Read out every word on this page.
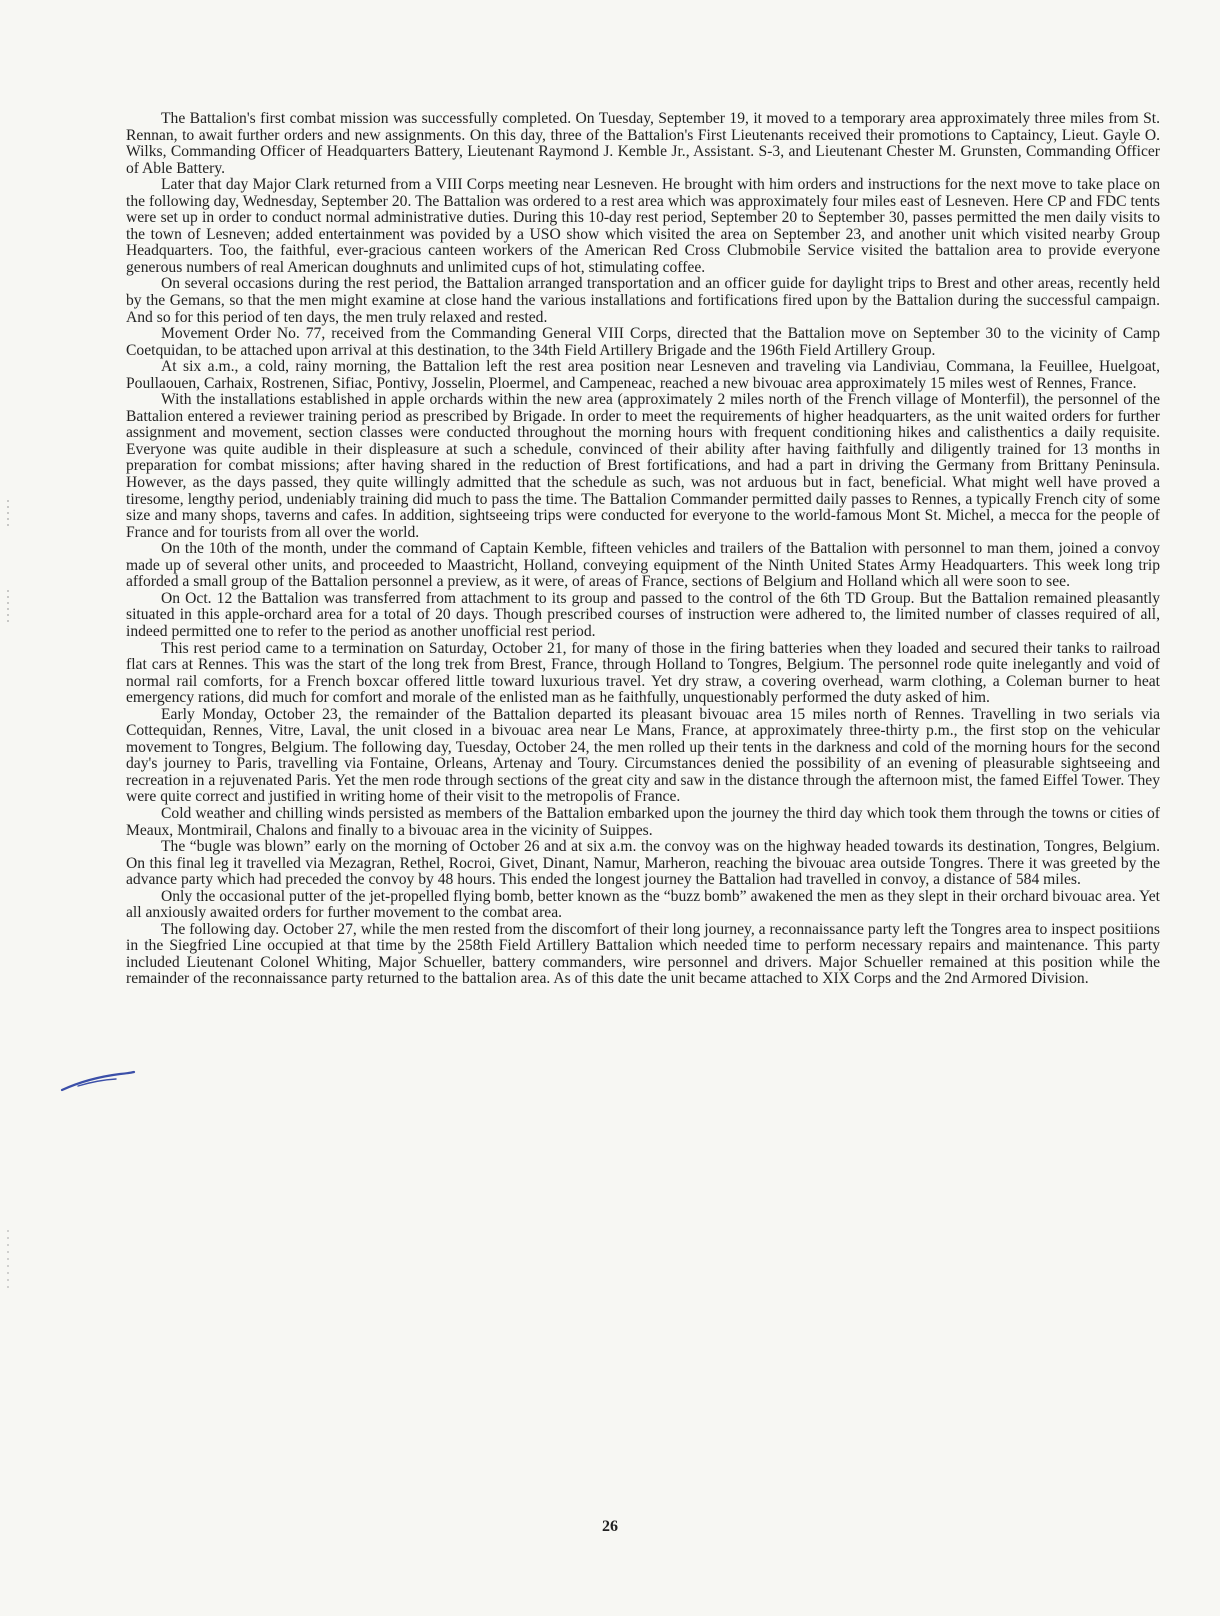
The Battalion's first combat mission was successfully completed. On Tuesday, September 19, it moved to a temporary area approximately three miles from St. Rennan, to await further orders and new assignments. On this day, three of the Battalion's First Lieutenants received their promotions to Captaincy, Lieut. Gayle O. Wilks, Commanding Officer of Headquarters Battery, Lieutenant Raymond J. Kemble Jr., Assistant. S-3, and Lieutenant Chester M. Grunsten, Commanding Officer of Able Battery.

Later that day Major Clark returned from a VIII Corps meeting near Lesneven. He brought with him orders and instructions for the next move to take place on the following day, Wednesday, September 20. The Battalion was ordered to a rest area which was approximately four miles east of Lesneven. Here CP and FDC tents were set up in order to conduct normal administrative duties. During this 10-day rest period, September 20 to September 30, passes permitted the men daily visits to the town of Lesneven; added entertainment was povided by a USO show which visited the area on September 23, and another unit which visited nearby Group Headquarters. Too, the faithful, ever-gracious canteen workers of the American Red Cross Clubmobile Service visited the battalion area to provide everyone generous numbers of real American doughnuts and unlimited cups of hot, stimulating coffee.

On several occasions during the rest period, the Battalion arranged transportation and an officer guide for daylight trips to Brest and other areas, recently held by the Gemans, so that the men might examine at close hand the various installations and fortifications fired upon by the Battalion during the successful campaign. And so for this period of ten days, the men truly relaxed and rested.

Movement Order No. 77, received from the Commanding General VIII Corps, directed that the Battalion move on September 30 to the vicinity of Camp Coetquidan, to be attached upon arrival at this destination, to the 34th Field Artillery Brigade and the 196th Field Artillery Group.

At six a.m., a cold, rainy morning, the Battalion left the rest area position near Lesneven and traveling via Landiviau, Commana, la Feuillee, Huelgoat, Poullaouen, Carhaix, Rostrenen, Sifiac, Pontivy, Josselin, Ploermel, and Campeneac, reached a new bivouac area approximately 15 miles west of Rennes, France.

With the installations established in apple orchards within the new area (approximately 2 miles north of the French village of Monterfil), the personnel of the Battalion entered a reviewer training period as prescribed by Brigade. In order to meet the requirements of higher headquarters, as the unit waited orders for further assignment and movement, section classes were conducted throughout the morning hours with frequent conditioning hikes and calisthentics a daily requisite. Everyone was quite audible in their displeasure at such a schedule, convinced of their ability after having faithfully and diligently trained for 13 months in preparation for combat missions; after having shared in the reduction of Brest fortifications, and had a part in driving the Germany from Brittany Peninsula. However, as the days passed, they quite willingly admitted that the schedule as such, was not arduous but in fact, beneficial. What might well have proved a tiresome, lengthy period, undeniably training did much to pass the time. The Battalion Commander permitted daily passes to Rennes, a typically French city of some size and many shops, taverns and cafes. In addition, sightseeing trips were conducted for everyone to the world-famous Mont St. Michel, a mecca for the people of France and for tourists from all over the world.

On the 10th of the month, under the command of Captain Kemble, fifteen vehicles and trailers of the Battalion with personnel to man them, joined a convoy made up of several other units, and proceeded to Maastricht, Holland, conveying equipment of the Ninth United States Army Headquarters. This week long trip afforded a small group of the Battalion personnel a preview, as it were, of areas of France, sections of Belgium and Holland which all were soon to see.

On Oct. 12 the Battalion was transferred from attachment to its group and passed to the control of the 6th TD Group. But the Battalion remained pleasantly situated in this apple-orchard area for a total of 20 days. Though prescribed courses of instruction were adhered to, the limited number of classes required of all, indeed permitted one to refer to the period as another unofficial rest period.

This rest period came to a termination on Saturday, October 21, for many of those in the firing batteries when they loaded and secured their tanks to railroad flat cars at Rennes. This was the start of the long trek from Brest, France, through Holland to Tongres, Belgium. The personnel rode quite inelegantly and void of normal rail comforts, for a French boxcar offered little toward luxurious travel. Yet dry straw, a covering overhead, warm clothing, a Coleman burner to heat emergency rations, did much for comfort and morale of the enlisted man as he faithfully, unquestionably performed the duty asked of him.

Early Monday, October 23, the remainder of the Battalion departed its pleasant bivouac area 15 miles north of Rennes. Travelling in two serials via Cottequidan, Rennes, Vitre, Laval, the unit closed in a bivouac area near Le Mans, France, at approximately three-thirty p.m., the first stop on the vehicular movement to Tongres, Belgium. The following day, Tuesday, October 24, the men rolled up their tents in the darkness and cold of the morning hours for the second day's journey to Paris, travelling via Fontaine, Orleans, Artenay and Toury. Circumstances denied the possibility of an evening of pleasurable sightseeing and recreation in a rejuvenated Paris. Yet the men rode through sections of the great city and saw in the distance through the afternoon mist, the famed Eiffel Tower. They were quite correct and justified in writing home of their visit to the metropolis of France.

Cold weather and chilling winds persisted as members of the Battalion embarked upon the journey the third day which took them through the towns or cities of Meaux, Montmirail, Chalons and finally to a bivouac area in the vicinity of Suippes.

The “bugle was blown” early on the morning of October 26 and at six a.m. the convoy was on the highway headed towards its destination, Tongres, Belgium. On this final leg it travelled via Mezagran, Rethel, Rocroi, Givet, Dinant, Namur, Marheron, reaching the bivouac area outside Tongres. There it was greeted by the advance party which had preceded the convoy by 48 hours. This ended the longest journey the Battalion had travelled in convoy, a distance of 584 miles.

Only the occasional putter of the jet-propelled flying bomb, better known as the “buzz bomb” awakened the men as they slept in their orchard bivouac area. Yet all anxiously awaited orders for further movement to the combat area.

The following day. October 27, while the men rested from the discomfort of their long journey, a reconnaissance party left the Tongres area to inspect positiions in the Siegfried Line occupied at that time by the 258th Field Artillery Battalion which needed time to perform necessary repairs and maintenance. This party included Lieutenant Colonel Whiting, Major Schueller, battery commanders, wire personnel and drivers. Major Schueller remained at this position while the remainder of the reconnaissance party returned to the battalion area. As of this date the unit became attached to XIX Corps and the 2nd Armored Division.

26
